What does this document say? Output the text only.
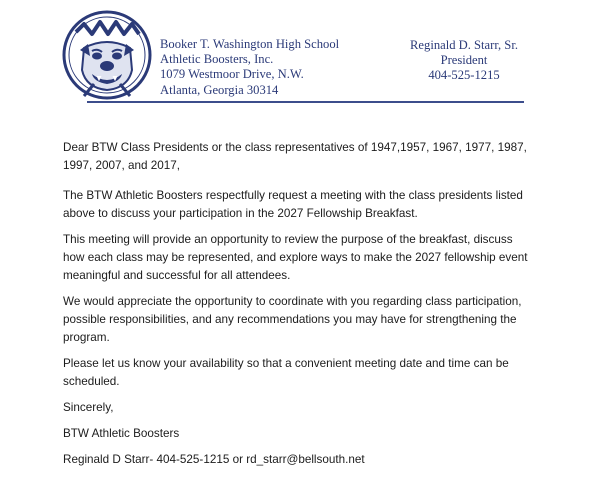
Booker T. Washington High School
Athletic Boosters, Inc.
1079 Westmoor Drive, N.W.
Atlanta, Georgia 30314
Reginald D. Starr, Sr.
President
404-525-1215

Dear BTW Class Presidents or the class representatives of 1947,1957, 1967, 1977, 1987, 1997, 2007, and 2017,

The BTW Athletic Boosters respectfully request a meeting with the class presidents listed above to discuss your participation in the 2027 Fellowship Breakfast.

This meeting will provide an opportunity to review the purpose of the breakfast, discuss how each class may be represented, and explore ways to make the 2027 fellowship event meaningful and successful for all attendees.

We would appreciate the opportunity to coordinate with you regarding class participation, possible responsibilities, and any recommendations you may have for strengthening the program.

Please let us know your availability so that a convenient meeting date and time can be scheduled.

Sincerely,

BTW Athletic Boosters

Reginald D Starr- 404-525-1215 or rd_starr@bellsouth.net
